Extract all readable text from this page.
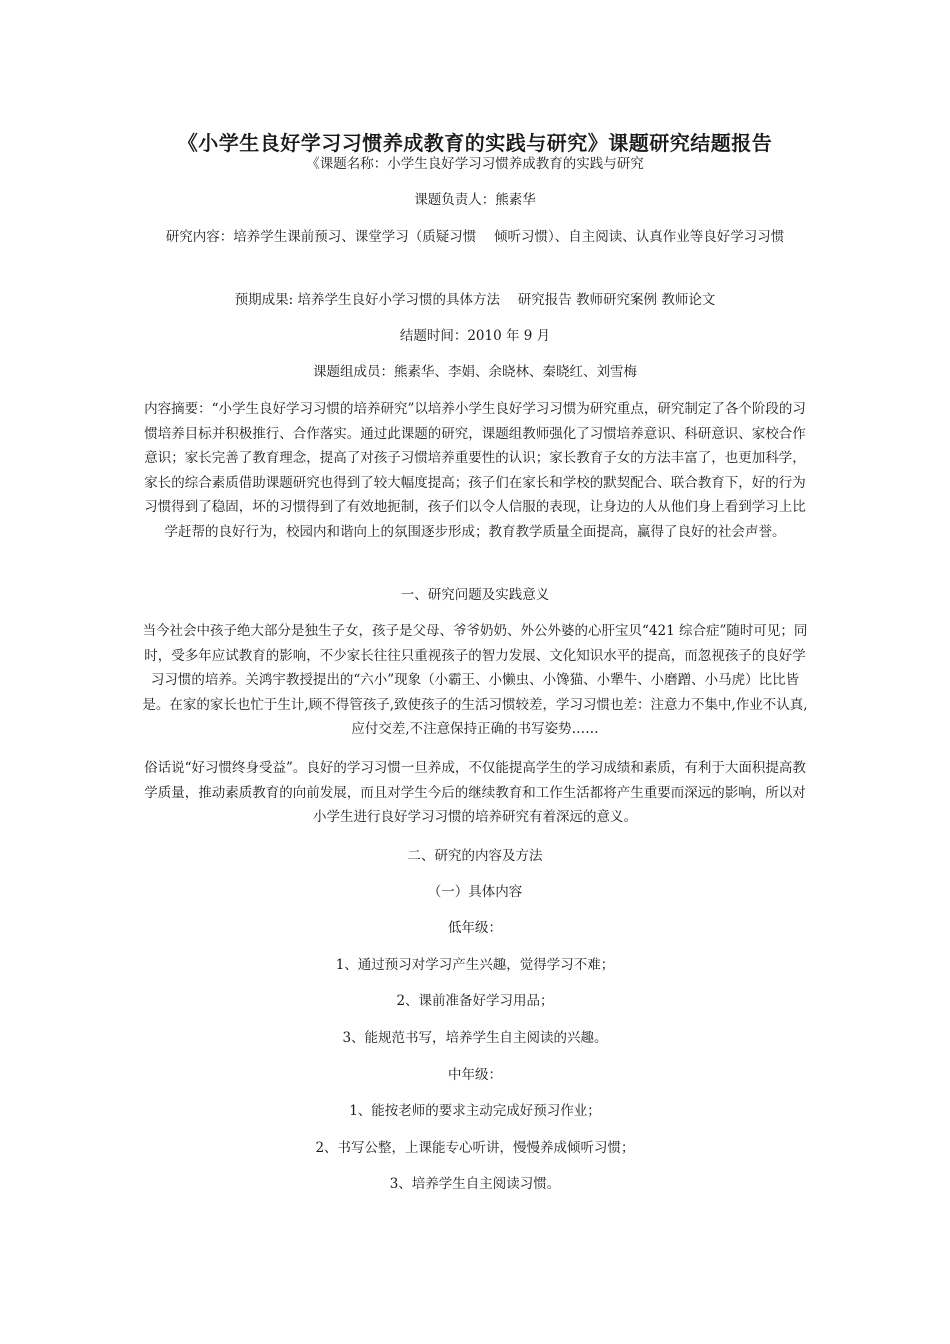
《小学生良好学习习惯养成教育的实践与研究》课题研究结题报告

《课题名称：小学生良好学习习惯养成教育的实践与研究

课题负责人：熊素华

研究内容：培养学生课前预习、课堂学习（质疑习惯　 倾听习惯）、自主阅读、认真作业等良好学习习惯

预期成果: 培养学生良好小学习惯的具体方法　 研究报告 教师研究案例 教师论文

结题时间：2010 年 9 月

课题组成员：熊素华、李娟、余晓林、秦晓红、刘雪梅

内容摘要：“小学生良好学习习惯的培养研究”以培养小学生良好学习习惯为研究重点，研究制定了各个阶段的习惯培养目标并积极推行、合作落实。通过此课题的研究，课题组教师强化了习惯培养意识、科研意识、家校合作意识；家长完善了教育理念，提高了对孩子习惯培养重要性的认识；家长教育子女的方法丰富了，也更加科学，家长的综合素质借助课题研究也得到了较大幅度提高；孩子们在家长和学校的默契配合、联合教育下，好的行为习惯得到了稳固，坏的习惯得到了有效地扼制，孩子们以令人信服的表现，让身边的人从他们身上看到学习上比学赶帮的良好行为，校园内和谐向上的氛围逐步形成；教育教学质量全面提高，赢得了良好的社会声誉。

一、研究问题及实践意义

当今社会中孩子绝大部分是独生子女，孩子是父母、爷爷奶奶、外公外婆的心肝宝贝“421 综合症”随时可见；同时，受多年应试教育的影响，不少家长往往只重视孩子的智力发展、文化知识水平的提高，而忽视孩子的良好学习习惯的培养。关鸿宇教授提出的“六小”现象（小霸王、小懒虫、小馋猫、小犟牛、小磨蹭、小马虎）比比皆是。在家的家长也忙于生计,顾不得管孩子,致使孩子的生活习惯较差，学习习惯也差：注意力不集中,作业不认真,应付交差,不注意保持正确的书写姿势……

俗话说“好习惯终身受益”。良好的学习习惯一旦养成，不仅能提高学生的学习成绩和素质，有利于大面积提高教学质量，推动素质教育的向前发展，而且对学生今后的继续教育和工作生活都将产生重要而深远的影响，所以对小学生进行良好学习习惯的培养研究有着深远的意义。

二、研究的内容及方法

（一）具体内容

低年级：

1、通过预习对学习产生兴趣，觉得学习不难；

2、课前准备好学习用品；

3、能规范书写，培养学生自主阅读的兴趣。

中年级：

1、能按老师的要求主动完成好预习作业；

2、书写公整，上课能专心听讲，慢慢养成倾听习惯；

3、培养学生自主阅读习惯。
